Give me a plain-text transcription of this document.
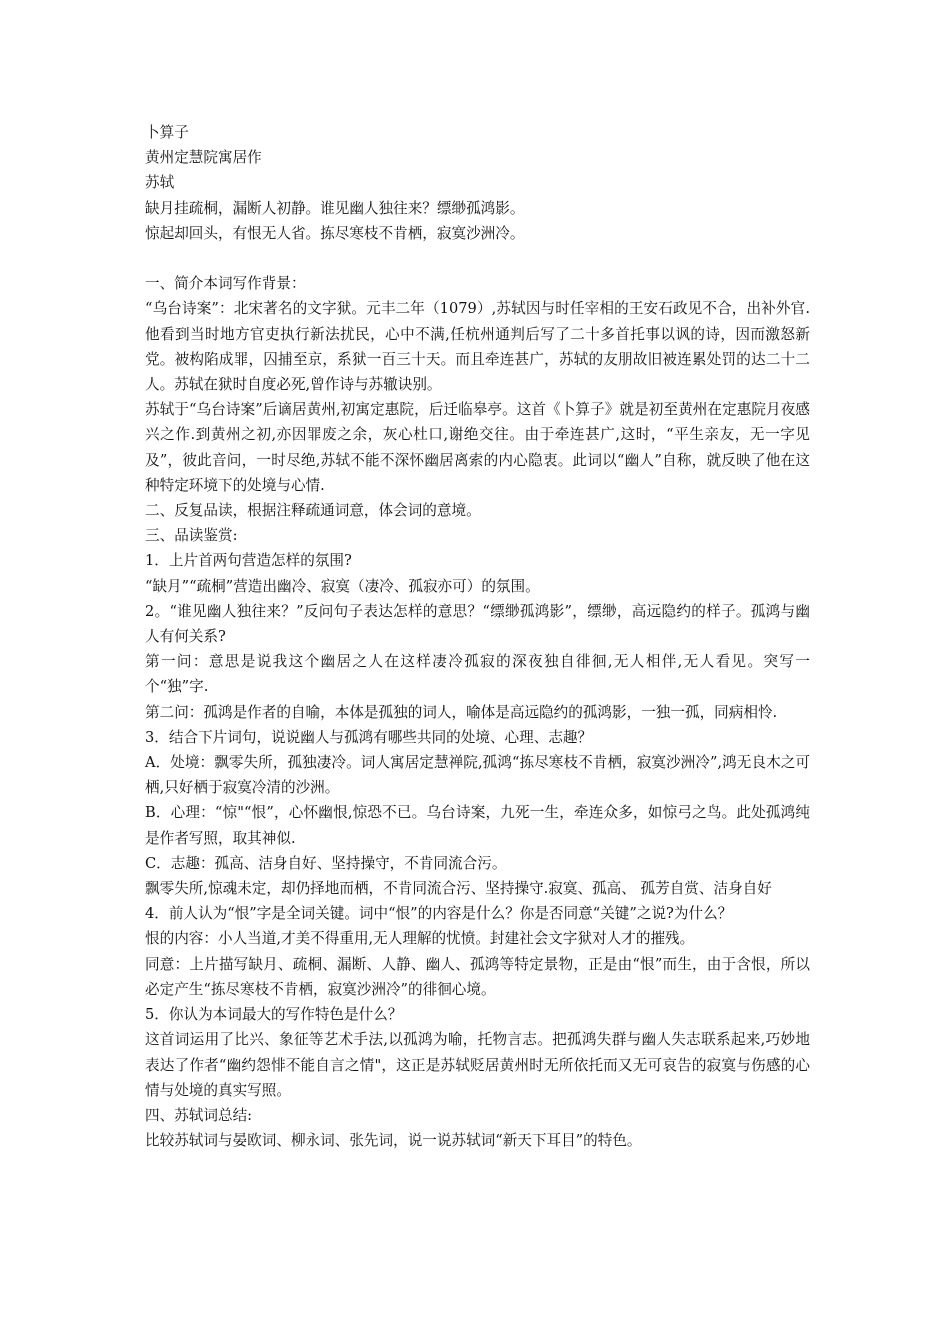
卜算子

黄州定慧院寓居作

苏轼

缺月挂疏桐，漏断人初静。谁见幽人独往来？缥缈孤鸿影。

惊起却回头，有恨无人省。拣尽寒枝不肯栖，寂寞沙洲冷。

一、简介本词写作背景：

“乌台诗案”：北宋著名的文字狱。元丰二年（1079）,苏轼因与时任宰相的王安石政见不合，出补外官.他看到当时地方官吏执行新法扰民，心中不满,任杭州通判后写了二十多首托事以讽的诗，因而激怒新党。被构陷成罪，囚捕至京，系狱一百三十天。而且牵连甚广，苏轼的友朋故旧被连累处罚的达二十二人。苏轼在狱时自度必死,曾作诗与苏辙诀别。

苏轼于“乌台诗案”后谪居黄州,初寓定惠院，后迁临皋亭。这首《卜算子》就是初至黄州在定惠院月夜感兴之作.到黄州之初,亦因罪废之余，灰心杜口,谢绝交往。由于牵连甚广,这时，“平生亲友，无一字见及”，彼此音问，一时尽绝,苏轼不能不深怀幽居离索的内心隐衷。此词以“幽人”自称，就反映了他在这种特定环境下的处境与心情.

二、反复品读，根据注释疏通词意，体会词的意境。

三、品读鉴赏:

1．上片首两句营造怎样的氛围?

“缺月”“疏桐”营造出幽冷、寂寞（凄冷、孤寂亦可）的氛围。

2。“谁见幽人独往来？”反问句子表达怎样的意思？“缥缈孤鸿影”，缥缈，高远隐约的样子。孤鸿与幽人有何关系?

第一问：意思是说我这个幽居之人在这样凄冷孤寂的深夜独自徘徊,无人相伴,无人看见。突写一个“独”字.

第二问：孤鸿是作者的自喻，本体是孤独的词人，喻体是高远隐约的孤鸿影，一独一孤，同病相怜.

3．结合下片词句，说说幽人与孤鸿有哪些共同的处境、心理、志趣？

A．处境：飘零失所，孤独凄冷。词人寓居定慧禅院,孤鸿“拣尽寒枝不肯栖，寂寞沙洲冷”,鸿无良木之可栖,只好栖于寂寞冷清的沙洲。

B．心理：“惊"“恨”，心怀幽恨,惊恐不已。乌台诗案，九死一生，牵连众多，如惊弓之鸟。此处孤鸿纯是作者写照，取其神似.

C．志趣：孤高、洁身自好、坚持操守，不肯同流合污。

飘零失所,惊魂未定，却仍择地而栖，不肯同流合污、坚持操守.寂寞、孤高、 孤芳自赏、洁身自好

4．前人认为“恨”字是全词关键。词中“恨”的内容是什么？你是否同意“关键”之说?为什么？

恨的内容：小人当道,才美不得重用,无人理解的忧愤。封建社会文字狱对人才的摧残。

同意：上片描写缺月、疏桐、漏断、人静、幽人、孤鸿等特定景物，正是由“恨”而生，由于含恨，所以必定产生“拣尽寒枝不肯栖，寂寞沙洲冷”的徘徊心境。

5．你认为本词最大的写作特色是什么？

这首词运用了比兴、象征等艺术手法,以孤鸿为喻，托物言志。把孤鸿失群与幽人失志联系起来,巧妙地表达了作者“幽约怨悱不能自言之情"，这正是苏轼贬居黄州时无所依托而又无可哀告的寂寞与伤感的心情与处境的真实写照。

四、苏轼词总结:

比较苏轼词与晏欧词、柳永词、张先词，说一说苏轼词“新天下耳目”的特色。
